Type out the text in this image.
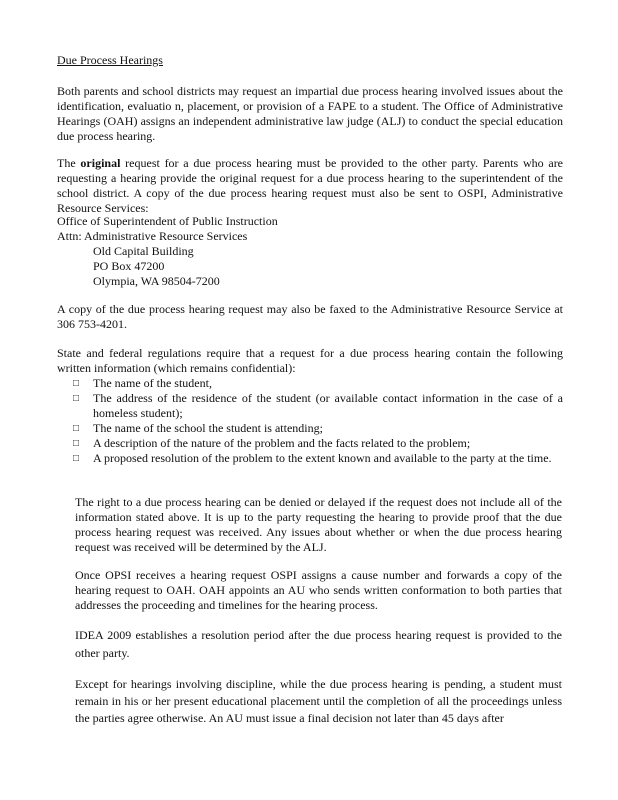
Due Process Hearings

Both parents and school districts may request an impartial due process hearing involved issues about the identification, evaluatio n, placement, or provision of a FAPE to a student. The Office of Administrative Hearings (OAH) assigns an independent administrative law judge (ALJ) to conduct the special education due process hearing.

The original request for a due process hearing must be provided to the other party. Parents who are requesting a hearing provide the original request for a due process hearing to the superintendent of the school district. A copy of the due process hearing request must also be sent to OSPI, Administrative Resource Services:

Office of Superintendent of Public Instruction

Attn: Administrative Resource Services

Old Capital Building

PO Box 47200

Olympia, WA 98504-7200

A copy of the due process hearing request may also be faxed to the Administrative Resource Service at 306 753-4201.

State and federal regulations require that a request for a due process hearing contain the following written information (which remains confidential):

□ The name of the student,
□ The address of the residence of the student (or available contact information in the case of a homeless student);
□ The name of the school the student is attending;
□ A description of the nature of the problem and the facts related to the problem;
□ A proposed resolution of the problem to the extent known and available to the party at the time.

The right to a due process hearing can be denied or delayed if the request does not include all of the information stated above. It is up to the party requesting the hearing to provide proof that the due process hearing request was received. Any issues about whether or when the due process hearing request was received will be determined by the ALJ.

Once OPSI receives a hearing request OSPI assigns a cause number and forwards a copy of the hearing request to OAH. OAH appoints an AU who sends written conformation to both parties that addresses the proceeding and timelines for the hearing process.

IDEA 2009 establishes a resolution period after the due process hearing request is provided to the other party.

Except for hearings involving discipline, while the due process hearing is pending, a student must remain in his or her present educational placement until the completion of all the proceedings unless the parties agree otherwise. An AU must issue a final decision not later than 45 days after
